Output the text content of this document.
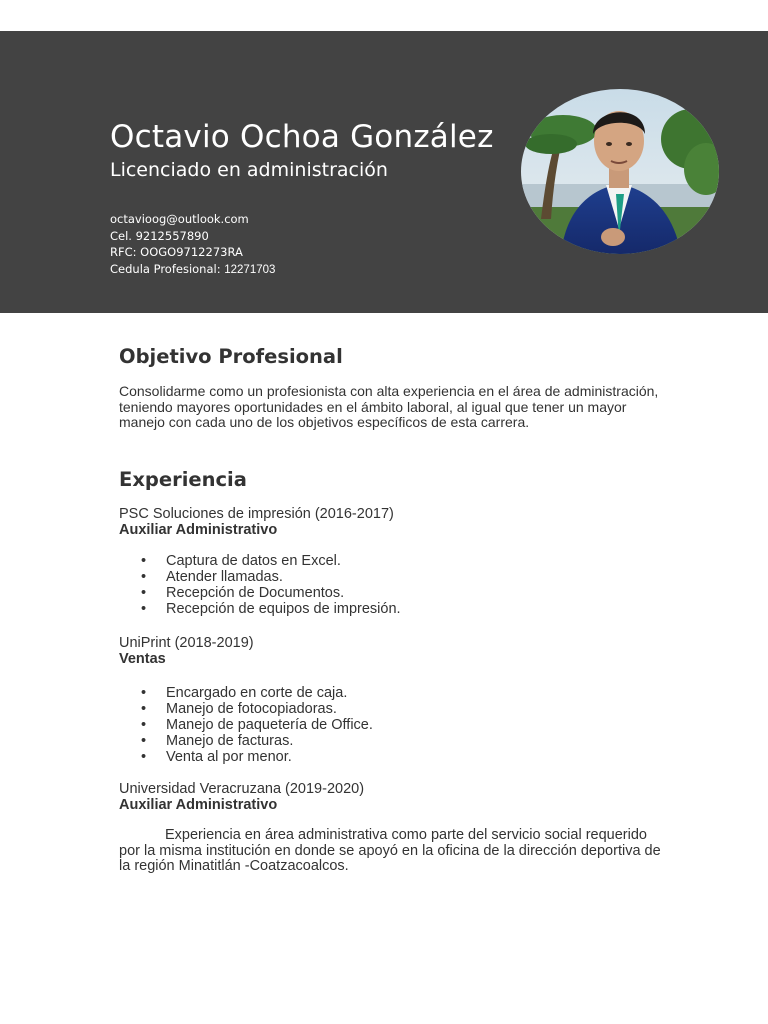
Octavio Ochoa González
Licenciado en administración
octavioog@outlook.com
Cel. 9212557890
RFC: OOGO9712273RA
Cedula Profesional: 12271703
Objetivo Profesional
Consolidarme como un profesionista con alta experiencia en el área de administración, teniendo mayores oportunidades en el ámbito laboral, al igual que tener un mayor manejo con cada uno de los objetivos específicos de esta carrera.
Experiencia
PSC Soluciones de impresión (2016-2017)
Auxiliar Administrativo
• Captura de datos en Excel.
• Atender llamadas.
• Recepción de Documentos.
• Recepción de equipos de impresión.
UniPrint (2018-2019)
Ventas
• Encargado en corte de caja.
• Manejo de fotocopiadoras.
• Manejo de paquetería de Office.
• Manejo de facturas.
• Venta al por menor.
Universidad Veracruzana (2019-2020)
Auxiliar Administrativo
Experiencia en área administrativa como parte del servicio social requerido por la misma institución en donde se apoyó en la oficina de la dirección deportiva de la región Minatitlán -Coatzacoalcos.
